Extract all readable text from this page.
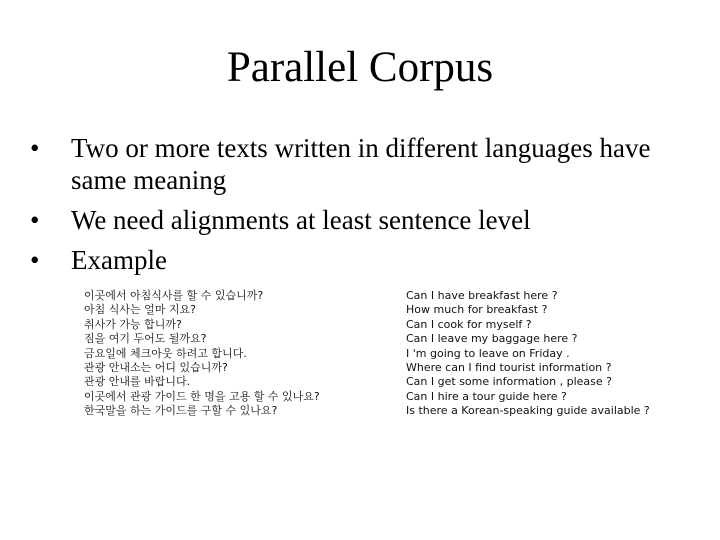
Parallel Corpus
• Two or more texts written in different languages have same meaning
• We need alignments at least sentence level
• Example
이곳에서 아침식사를 할 수 있습니까?
아침 식사는 얼마 지요?
취사가 가능 합니까?
짐을 여기 두어도 될까요?
금요일에 체크아웃 하려고 합니다.
관광 안내소는 어디 있습니까?
관광 안내를 바랍니다.
이곳에서 관광 가이드 한 명을 고용 할 수 있나요?
한국말을 하는 가이드를 구할 수 있나요?
Can I have breakfast here ?
How much for breakfast ?
Can I cook for myself ?
Can I leave my baggage here ?
I 'm going to leave on Friday .
Where can I find tourist information ?
Can I get some information , please ?
Can I hire a tour guide here ?
Is there a Korean-speaking guide available ?
